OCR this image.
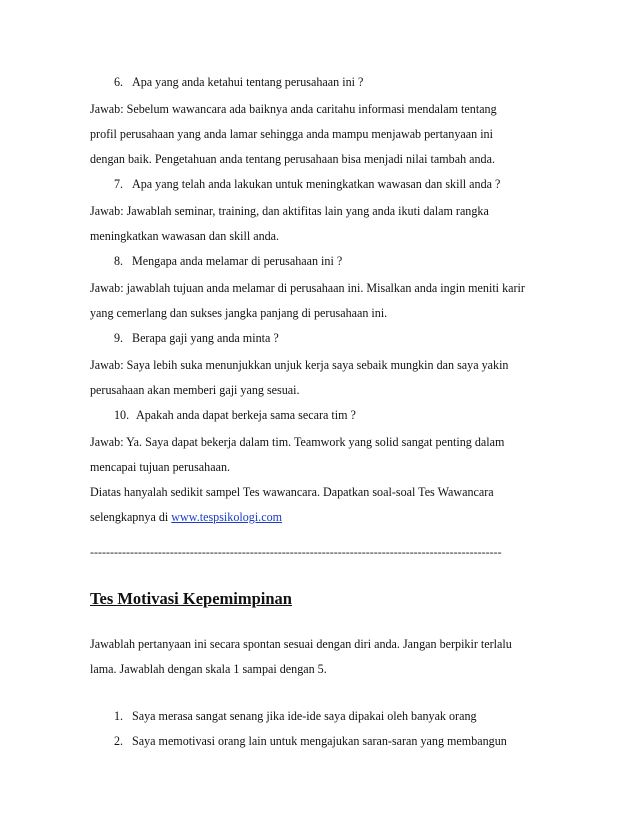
6. Apa yang anda ketahui tentang perusahaan ini ?
Jawab: Sebelum wawancara ada baiknya anda caritahu informasi mendalam tentang
profil perusahaan yang anda lamar sehingga anda mampu menjawab pertanyaan ini
dengan baik. Pengetahuan anda tentang perusahaan bisa menjadi nilai tambah anda.
7. Apa yang telah anda lakukan untuk meningkatkan wawasan dan skill anda ?
Jawab: Jawablah seminar, training, dan aktifitas lain yang anda ikuti dalam rangka
meningkatkan wawasan dan skill anda.
8. Mengapa anda melamar di perusahaan ini ?
Jawab: jawablah tujuan anda melamar di perusahaan ini. Misalkan anda ingin meniti karir
yang cemerlang dan sukses jangka panjang di perusahaan ini.
9. Berapa gaji yang anda minta ?
Jawab: Saya lebih suka menunjukkan unjuk kerja saya sebaik mungkin dan saya yakin
perusahaan akan memberi gaji yang sesuai.
10. Apakah anda dapat berkeja sama secara tim ?
Jawab: Ya. Saya dapat bekerja dalam tim. Teamwork yang solid sangat penting dalam
mencapai tujuan perusahaan.
Diatas hanyalah sedikit sampel Tes wawancara. Dapatkan soal-soal Tes Wawancara
selengkapnya di www.tespsikologi.com
-------------------------------------------------------------------------------------------------------
Tes Motivasi Kepemimpinan
Jawablah pertanyaan ini secara spontan sesuai dengan diri anda. Jangan berpikir terlalu
lama. Jawablah dengan skala 1 sampai dengan 5.
1. Saya merasa sangat senang jika ide-ide saya dipakai oleh banyak orang
2. Saya memotivasi orang lain untuk mengajukan saran-saran yang membangun
